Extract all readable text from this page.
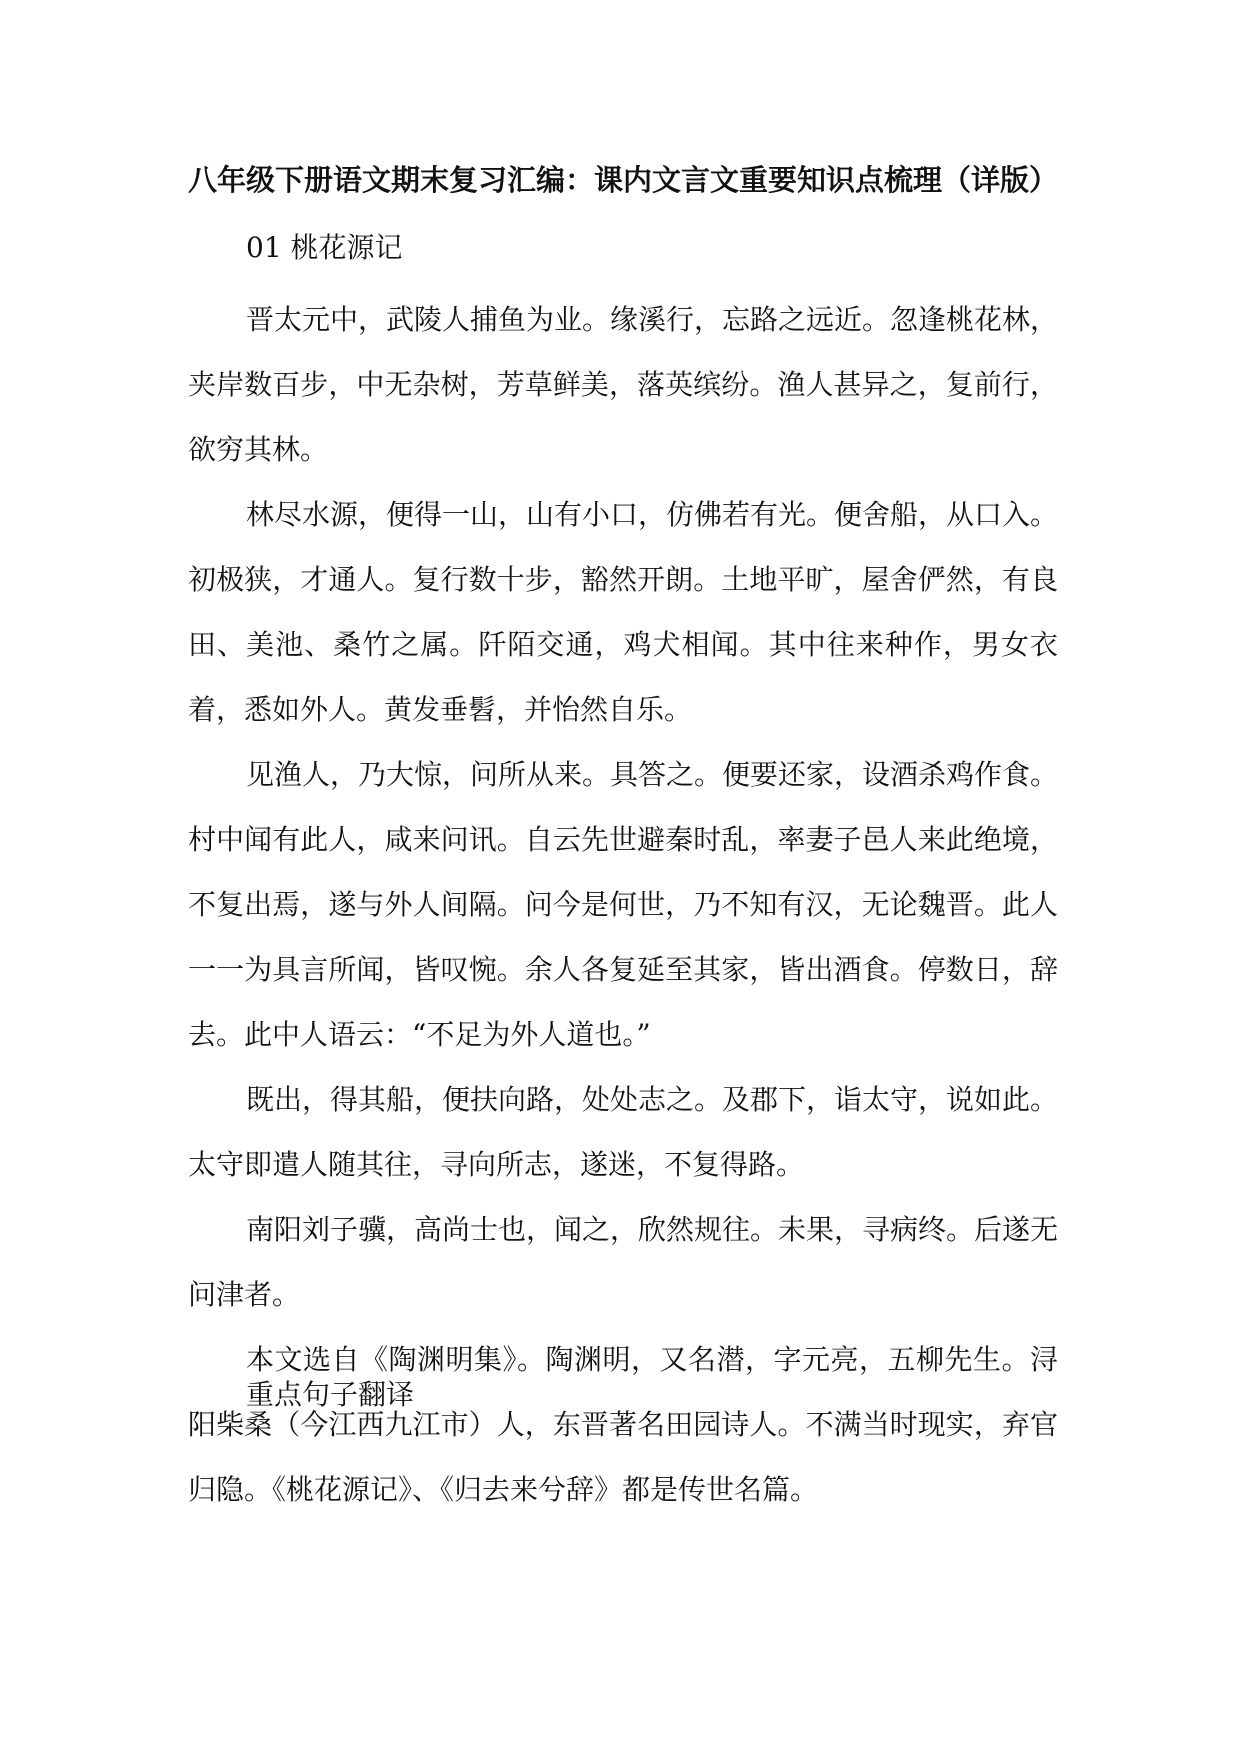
八年级下册语文期末复习汇编：课内文言文重要知识点梳理（详版）

01 桃花源记

晋太元中，武陵人捕鱼为业。缘溪行，忘路之远近。忽逢桃花林，夹岸数百步，中无杂树，芳草鲜美，落英缤纷。渔人甚异之，复前行，欲穷其林。

林尽水源，便得一山，山有小口，仿佛若有光。便舍船，从口入。初极狭，才通人。复行数十步，豁然开朗。土地平旷，屋舍俨然，有良田、美池、桑竹之属。阡陌交通，鸡犬相闻。其中往来种作，男女衣着，悉如外人。黄发垂髫，并怡然自乐。

见渔人，乃大惊，问所从来。具答之。便要还家，设酒杀鸡作食。村中闻有此人，咸来问讯。自云先世避秦时乱，率妻子邑人来此绝境，不复出焉，遂与外人间隔。问今是何世，乃不知有汉，无论魏晋。此人一一为具言所闻，皆叹惋。余人各复延至其家，皆出酒食。停数日，辞去。此中人语云：“不足为外人道也。”

既出，得其船，便扶向路，处处志之。及郡下，诣太守，说如此。太守即遣人随其往，寻向所志，遂迷，不复得路。

南阳刘子骥，高尚士也，闻之，欣然规往。未果，寻病终。后遂无问津者。

本文选自《陶渊明集》。陶渊明，又名潜，字元亮，五柳先生。浔阳柴桑（今江西九江市）人，东晋著名田园诗人。不满当时现实，弃官归隐。《桃花源记》、《归去来兮辞》都是传世名篇。

重点句子翻译
